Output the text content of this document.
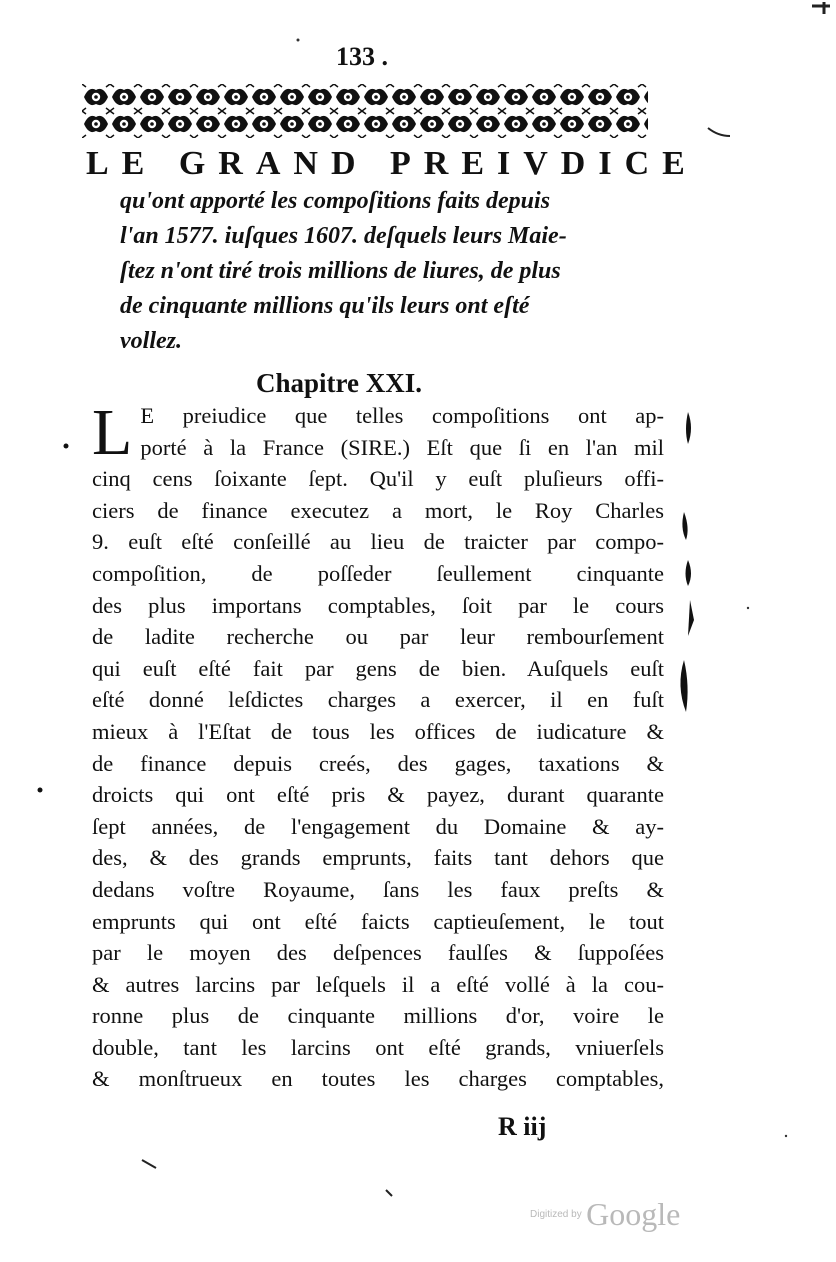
133 .
LE GRAND PREIVDICE
qu'ont apporté les compoſitions faits depuis
l'an 1577. iuſques 1607. deſquels leurs Maie-
ſtez n'ont tiré trois millions de liures, de plus
de cinquante millions qu'ils leurs ont eſté
vollez.
Chapitre XXI.
L E preiudice que telles compoſitions ont ap-
porté à la France (SIRE.) Eſt que ſi en l'an mil
cinq cens ſoixante ſept. Qu'il y euſt pluſieurs offi-
ciers de finance executez a mort, le Roy Charles
9. euſt eſté conſeillé au lieu de traicter par compo-
compoſition, de poſſeder ſeullement cinquante
des plus importans comptables, ſoit par le cours
de ladite recherche ou par leur rembourſement
qui euſt eſté fait par gens de bien. Auſquels euſt
eſté donné leſdictes charges a exercer, il en fuſt
mieux à l'Eſtat de tous les offices de iudicature &
de finance depuis creés, des gages, taxations &
droicts qui ont eſté pris & payez, durant quarante
ſept années, de l'engagement du Domaine & ay-
des, & des grands emprunts, faits tant dehors que
dedans voſtre Royaume, ſans les faux preſts &
emprunts qui ont eſté faicts captieuſement, le tout
par le moyen des deſpences faulſes & ſuppoſées
& autres larcins par leſquels il a eſté vollé à la cou-
ronne plus de cinquante millions d'or, voire le
double, tant les larcins ont eſté grands, vniuerſels
& monſtrueux en toutes les charges comptables,
R iij
Digitized by Google
